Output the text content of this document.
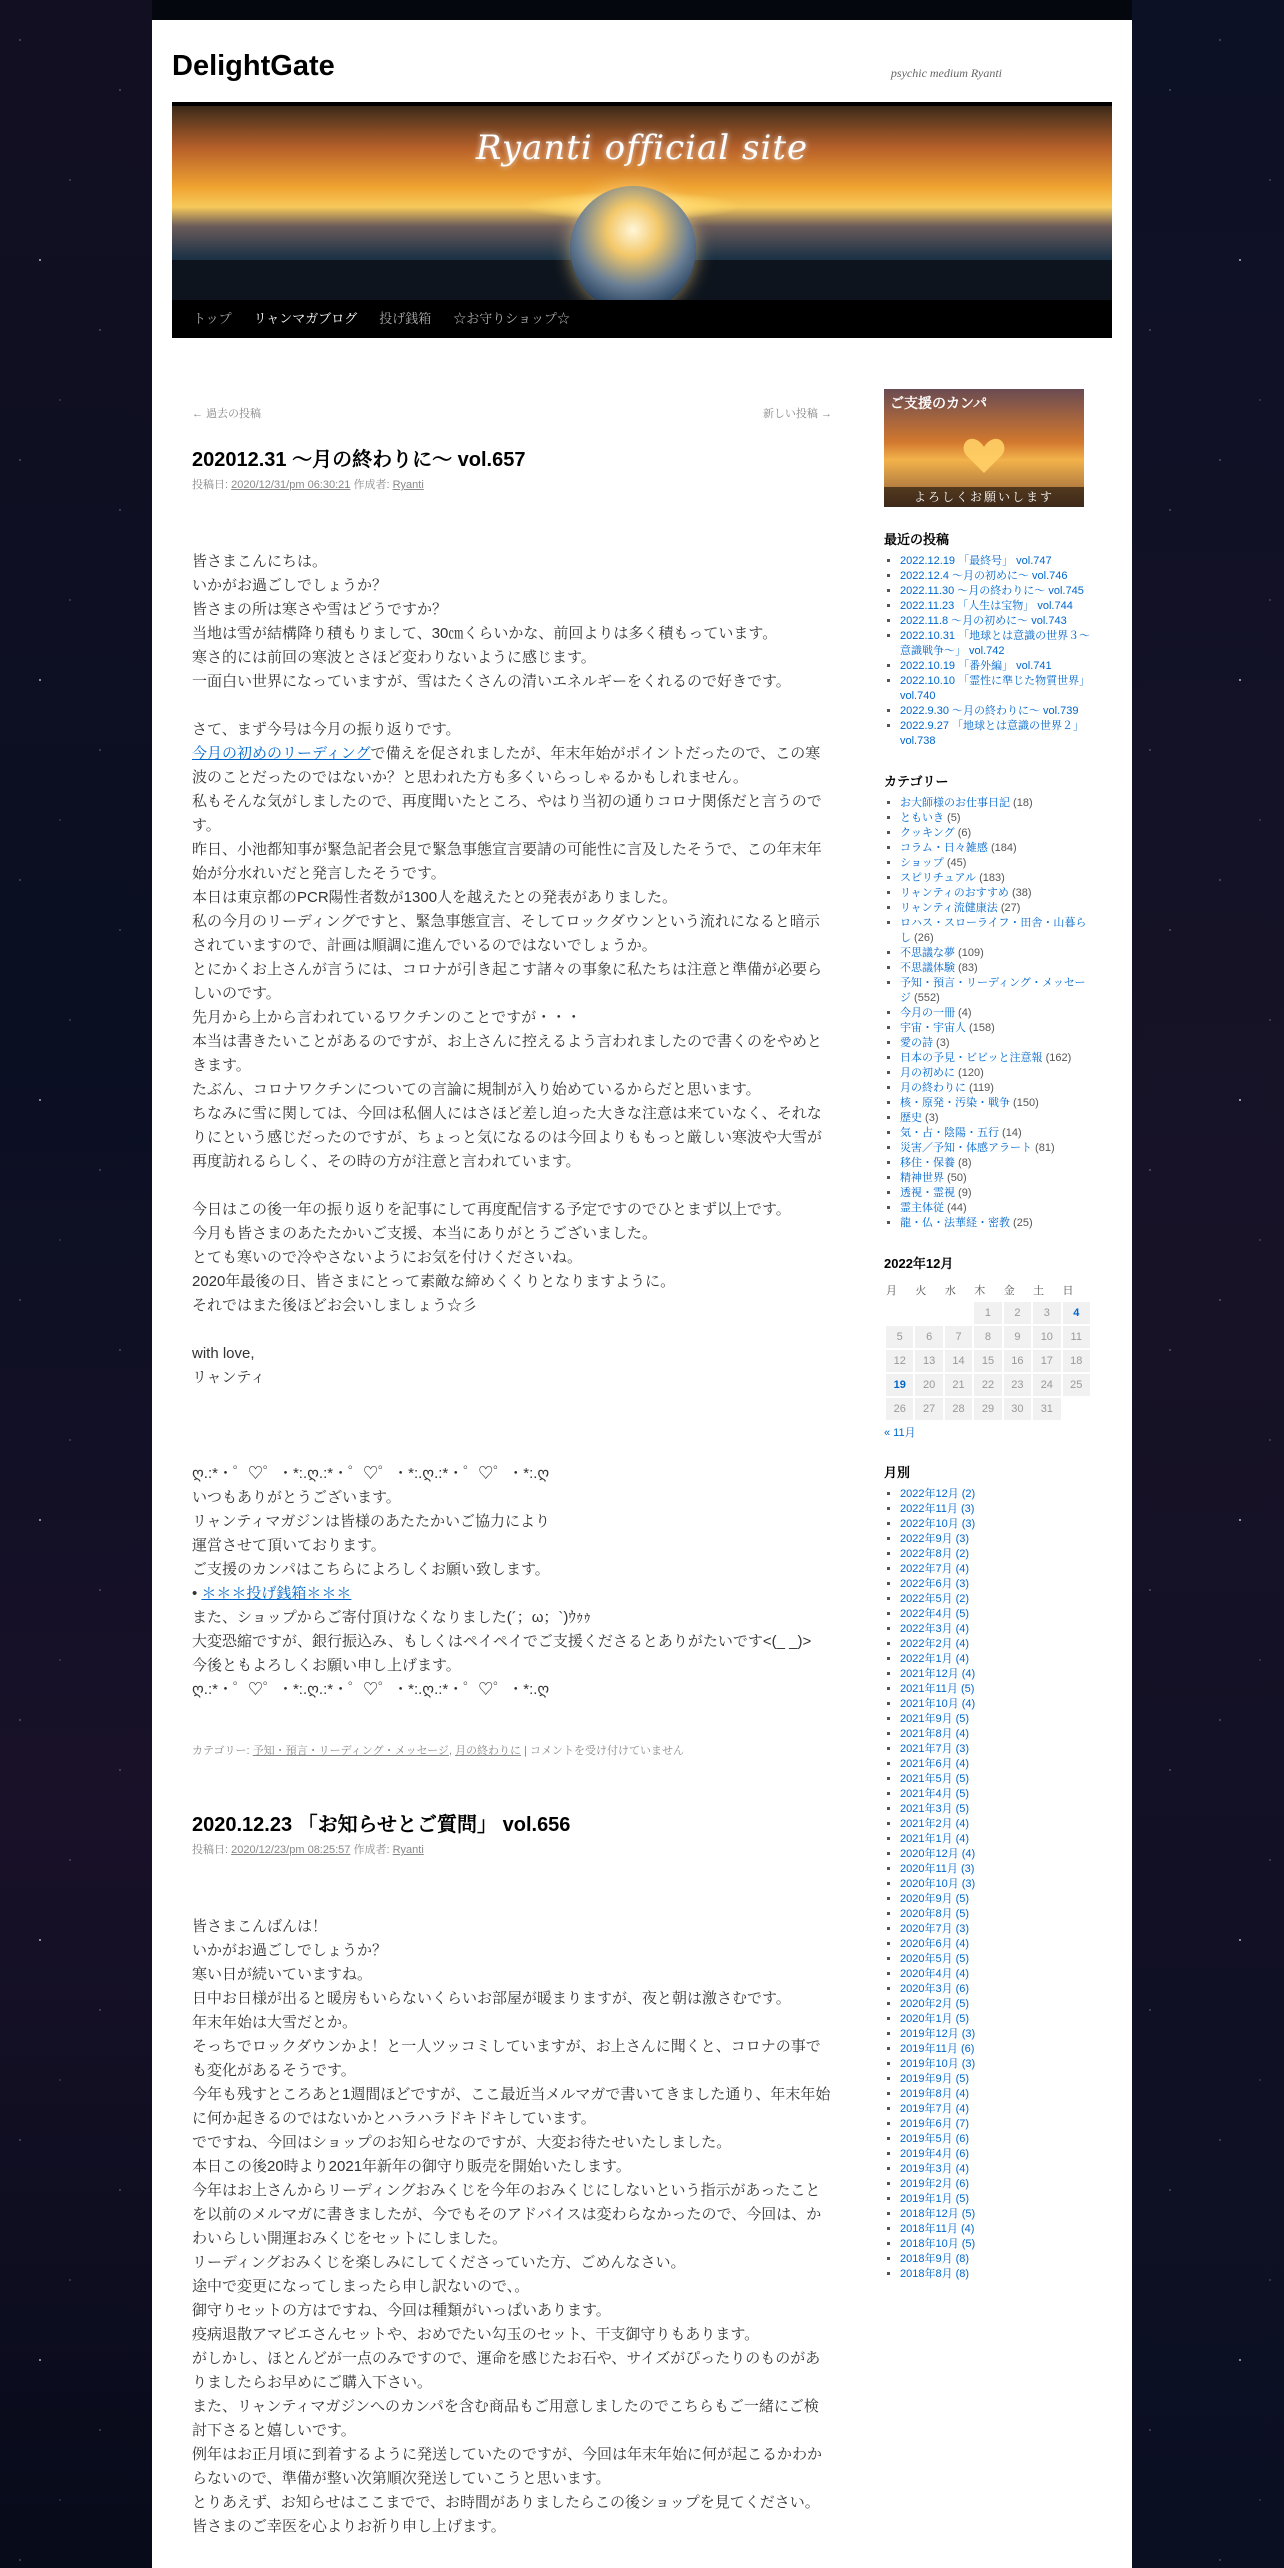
DelightGate	psychic medium Ryanti
Ryanti official site
トップ	リャンマガブログ	投げ銭箱	☆お守りショップ☆
← 過去の投稿	新しい投稿 →
202012.31 〜月の終わりに〜 vol.657
投稿日: 2020/12/31/pm 06:30:21 作成者: Ryanti

皆さまこんにちは。

いかがお過ごしでしょうか？

皆さまの所は寒さや雪はどうですか？

当地は雪が結構降り積もりまして、30㎝くらいかな、前回よりは多く積もっています。

寒さ的には前回の寒波とさほど変わりないように感じます。

一面白い世界になっていますが、雪はたくさんの清いエネルギーをくれるので好きです。

さて、まず今号は今月の振り返りです。

今月の初めのリーディングで備えを促されましたが、年末年始がポイントだったので、この寒波のことだったのではないか？と思われた方も多くいらっしゃるかもしれません。

私もそんな気がしましたので、再度聞いたところ、やはり当初の通りコロナ関係だと言うのです。

昨日、小池都知事が緊急記者会見で緊急事態宣言要請の可能性に言及したそうで、この年末年始が分水れいだと発言したそうです。

本日は東京都のPCR陽性者数が1300人を越えたとの発表がありました。

私の今月のリーディングですと、緊急事態宣言、そしてロックダウンという流れになると暗示されていますので、計画は順調に進んでいるのではないでしょうか。

とにかくお上さんが言うには、コロナが引き起こす諸々の事象に私たちは注意と準備が必要らしいのです。

先月から上から言われているワクチンのことですが・・・

本当は書きたいことがあるのですが、お上さんに控えるよう言われましたので書くのをやめときます。

たぶん、コロナワクチンについての言論に規制が入り始めているからだと思います。

ちなみに雪に関しては、今回は私個人にはさほど差し迫った大きな注意は来ていなく、それなりにという感じだったのですが、ちょっと気になるのは今回よりももっと厳しい寒波や大雪が再度訪れるらしく、その時の方が注意と言われています。

今日はこの後一年の振り返りを記事にして再度配信する予定ですのでひとまず以上です。

今月も皆さまのあたたかいご支援、本当にありがとうございました。

とても寒いので冷やさないようにお気を付けくださいね。

2020年最後の日、皆さまにとって素敵な締めくくりとなりますように。

それではまた後ほどお会いしましょう☆彡

with love,

リャンティ

ღ.:*・゜♡゜・*:.ღ.:*・゜♡゜・*:.ღ.:*・゜♡゜・*:.ღ

いつもありがとうございます。

リャンティマガジンは皆様のあたたかいご協力により

運営させて頂いております。

ご支援のカンパはこちらによろしくお願い致します。

• ＊＊＊投げ銭箱＊＊＊

また、ショップからご寄付頂けなくなりました(´；ω；`)ｳｩｩ

大変恐縮ですが、銀行振込み、もしくはペイペイでご支援くださるとありがたいです<(_ _)>

今後ともよろしくお願い申し上げます。

ღ.:*・゜♡゜・*:.ღ.:*・゜♡゜・*:.ღ.:*・゜♡゜・*:.ღ

カテゴリー: 予知・預言・リーディング・メッセージ, 月の終わりに | コメントを受け付けていません
2020.12.23 「お知らせとご質問」 vol.656
投稿日: 2020/12/23/pm 08:25:57 作成者: Ryanti

皆さまこんばんは！

いかがお過ごしでしょうか？

寒い日が続いていますね。

日中お日様が出ると暖房もいらないくらいお部屋が暖まりますが、夜と朝は激さむです。

年末年始は大雪だとか。

そっちでロックダウンかよ！と一人ツッコミしていますが、お上さんに聞くと、コロナの事でも変化があるそうです。

今年も残すところあと1週間ほどですが、ここ最近当メルマガで書いてきました通り、年末年始に何か起きるのではないかとハラハラドキドキしています。

でですね、今回はショップのお知らせなのですが、大変お待たせいたしました。

本日この後20時より2021年新年の御守り販売を開始いたします。

今年はお上さんからリーディングおみくじを今年のおみくじにしないという指示があったことを以前のメルマガに書きましたが、今でもそのアドバイスは変わらなかったので、今回は、かわいらしい開運おみくじをセットにしました。

リーディングおみくじを楽しみにしてくださっていた方、ごめんなさい。

途中で変更になってしまったら申し訳ないので、。

御守りセットの方はですね、今回は種類がいっぱいあります。

疫病退散アマビエさんセットや、おめでたい勾玉のセット、干支御守りもあります。

がしかし、ほとんどが一点のみですので、運命を感じたお石や、サイズがぴったりのものがありましたらお早めにご購入下さい。

また、リャンティマガジンへのカンパを含む商品もご用意しましたのでこちらもご一緒にご検討下さると嬉しいです。

例年はお正月頃に到着するように発送していたのですが、今回は年末年始に何が起こるかわからないので、準備が整い次第順次発送していこうと思います。

とりあえず、お知らせはここまでで、お時間がありましたらこの後ショップを見てください。

皆さまのご幸医を心よりお祈り申し上げます。

ご支援のカンパ
よろしくお願いします
最近の投稿
▪ 2022.12.19 「最終号」 vol.747
▪ 2022.12.4 ～月の初めに～ vol.746
▪ 2022.11.30 ～月の終わりに～ vol.745
▪ 2022.11.23 「人生は宝物」 vol.744
▪ 2022.11.8 ～月の初めに～ vol.743
▪ 2022.10.31 「地球とは意識の世界３～意識戦争～」 vol.742
▪ 2022.10.19 「番外編」 vol.741
▪ 2022.10.10 「霊性に準じた物質世界」 vol.740
▪ 2022.9.30 ～月の終わりに～ vol.739
▪ 2022.9.27 「地球とは意識の世界２」 vol.738
カテゴリー
▪ お大師様のお仕事日記 (18)
▪ ともいき (5)
▪ クッキング (6)
▪ コラム・日々雑感 (184)
▪ ショップ (45)
▪ スピリチュアル (183)
▪ リャンティのおすすめ (38)
▪ リャンティ流健康法 (27)
▪ ロハス・スローライフ・田舎・山暮らし (26)
▪ 不思議な夢 (109)
▪ 不思議体験 (83)
▪ 予知・預言・リーディング・メッセージ (552)
▪ 今月の一冊 (4)
▪ 宇宙・宇宙人 (158)
▪ 愛の詩 (3)
▪ 日本の予見・ビビッと注意報 (162)
▪ 月の初めに (120)
▪ 月の終わりに (119)
▪ 核・原発・汚染・戦争 (150)
▪ 歴史 (3)
▪ 気・占・陰陽・五行 (14)
▪ 災害／予知・体感アラート (81)
▪ 移住・保養 (8)
▪ 精神世界 (50)
▪ 透視・霊視 (9)
▪ 霊主体従 (44)
▪ 龍・仏・法華経・密教 (25)
2022年12月
月	火	水	木	金	土	日
			1	2	3	4
5	6	7	8	9	10	11
12	13	14	15	16	17	18
19	20	21	22	23	24	25
26	27	28	29	30	31	
« 11月
月別
▪ 2022年12月 (2)
▪ 2022年11月 (3)
▪ 2022年10月 (3)
▪ 2022年9月 (3)
▪ 2022年8月 (2)
▪ 2022年7月 (4)
▪ 2022年6月 (3)
▪ 2022年5月 (2)
▪ 2022年4月 (5)
▪ 2022年3月 (4)
▪ 2022年2月 (4)
▪ 2022年1月 (4)
▪ 2021年12月 (4)
▪ 2021年11月 (5)
▪ 2021年10月 (4)
▪ 2021年9月 (5)
▪ 2021年8月 (4)
▪ 2021年7月 (3)
▪ 2021年6月 (4)
▪ 2021年5月 (5)
▪ 2021年4月 (5)
▪ 2021年3月 (5)
▪ 2021年2月 (4)
▪ 2021年1月 (4)
▪ 2020年12月 (4)
▪ 2020年11月 (3)
▪ 2020年10月 (3)
▪ 2020年9月 (5)
▪ 2020年8月 (5)
▪ 2020年7月 (3)
▪ 2020年6月 (4)
▪ 2020年5月 (5)
▪ 2020年4月 (4)
▪ 2020年3月 (6)
▪ 2020年2月 (5)
▪ 2020年1月 (5)
▪ 2019年12月 (3)
▪ 2019年11月 (6)
▪ 2019年10月 (3)
▪ 2019年9月 (5)
▪ 2019年8月 (4)
▪ 2019年7月 (4)
▪ 2019年6月 (7)
▪ 2019年5月 (6)
▪ 2019年4月 (6)
▪ 2019年3月 (4)
▪ 2019年2月 (6)
▪ 2019年1月 (5)
▪ 2018年12月 (5)
▪ 2018年11月 (4)
▪ 2018年10月 (5)
▪ 2018年9月 (8)
▪ 2018年8月 (8)
